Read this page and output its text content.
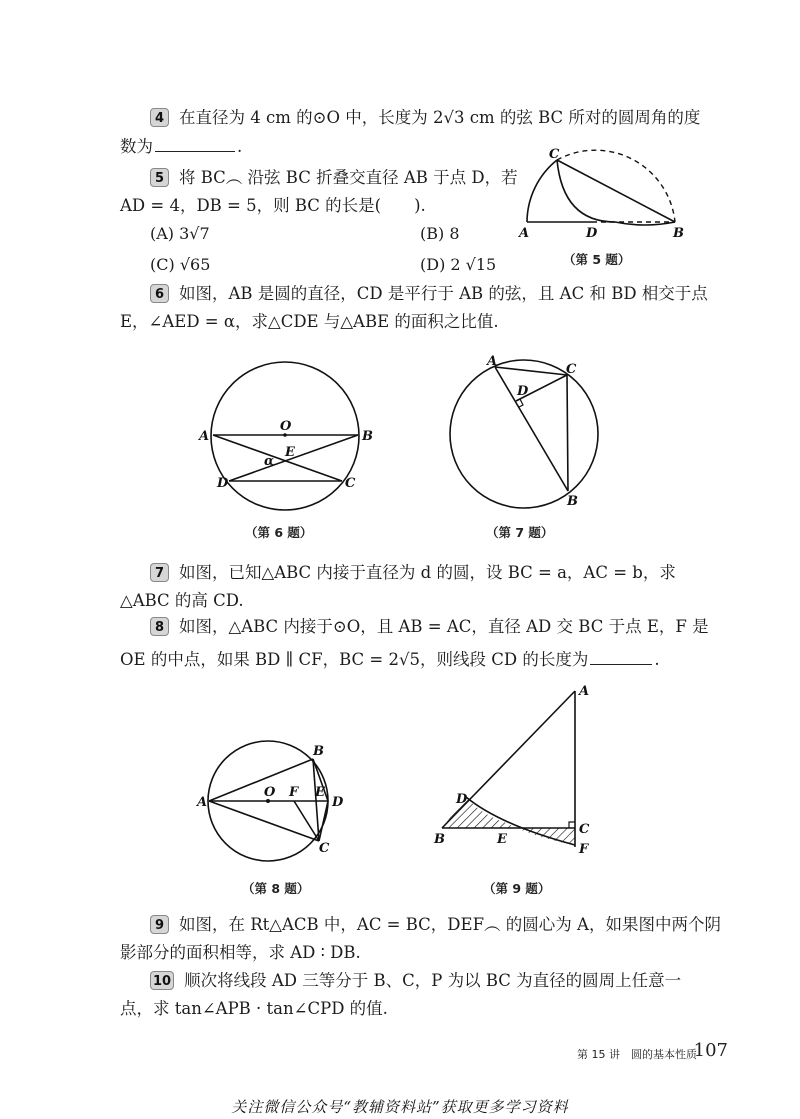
4 在直径为 4 cm 的⊙O 中，长度为 2√3 cm 的弦 BC 所对的圆周角的度
数为	.
5 将 BC︵ 沿弦 BC 折叠交直径 AB 于点 D，若
AD = 4，DB = 5，则 BC 的长是(　　).
(A) 3√7	(B) 8
(C) √65	(D) 2 √15
C
A	D	B
（第 5 题）
6 如图，AB 是圆的直径，CD 是平行于 AB 的弦，且 AC 和 BD 相交于点
E，∠AED = α，求△CDE 与△ABE 的面积之比值.
O
A	B
E
α
D	C
（第 6 题）
A
C
D
B
（第 7 题）
7 如图，已知△ABC 内接于直径为 d 的圆，设 BC = a，AC = b，求
△ABC 的高 CD.
8 如图，△ABC 内接于⊙O，且 AB = AC，直径 AD 交 BC 于点 E，F 是
OE 的中点，如果 BD ∥ CF，BC = 2√5，则线段 CD 的长度为	.
A
O F E
D
B
C
（第 8 题）
A
D
B	E
C
F
（第 9 题）
9 如图，在 Rt△ACB 中，AC = BC，DEF︵ 的圆心为 A，如果图中两个阴
影部分的面积相等，求 AD ∶ DB.
10 顺次将线段 AD 三等分于 B、C，P 为以 BC 为直径的圆周上任意一
点，求 tan∠APB · tan∠CPD 的值.
第 15 讲　圆的基本性质
107
关注微信公众号“教辅资料站”获取更多学习资料
